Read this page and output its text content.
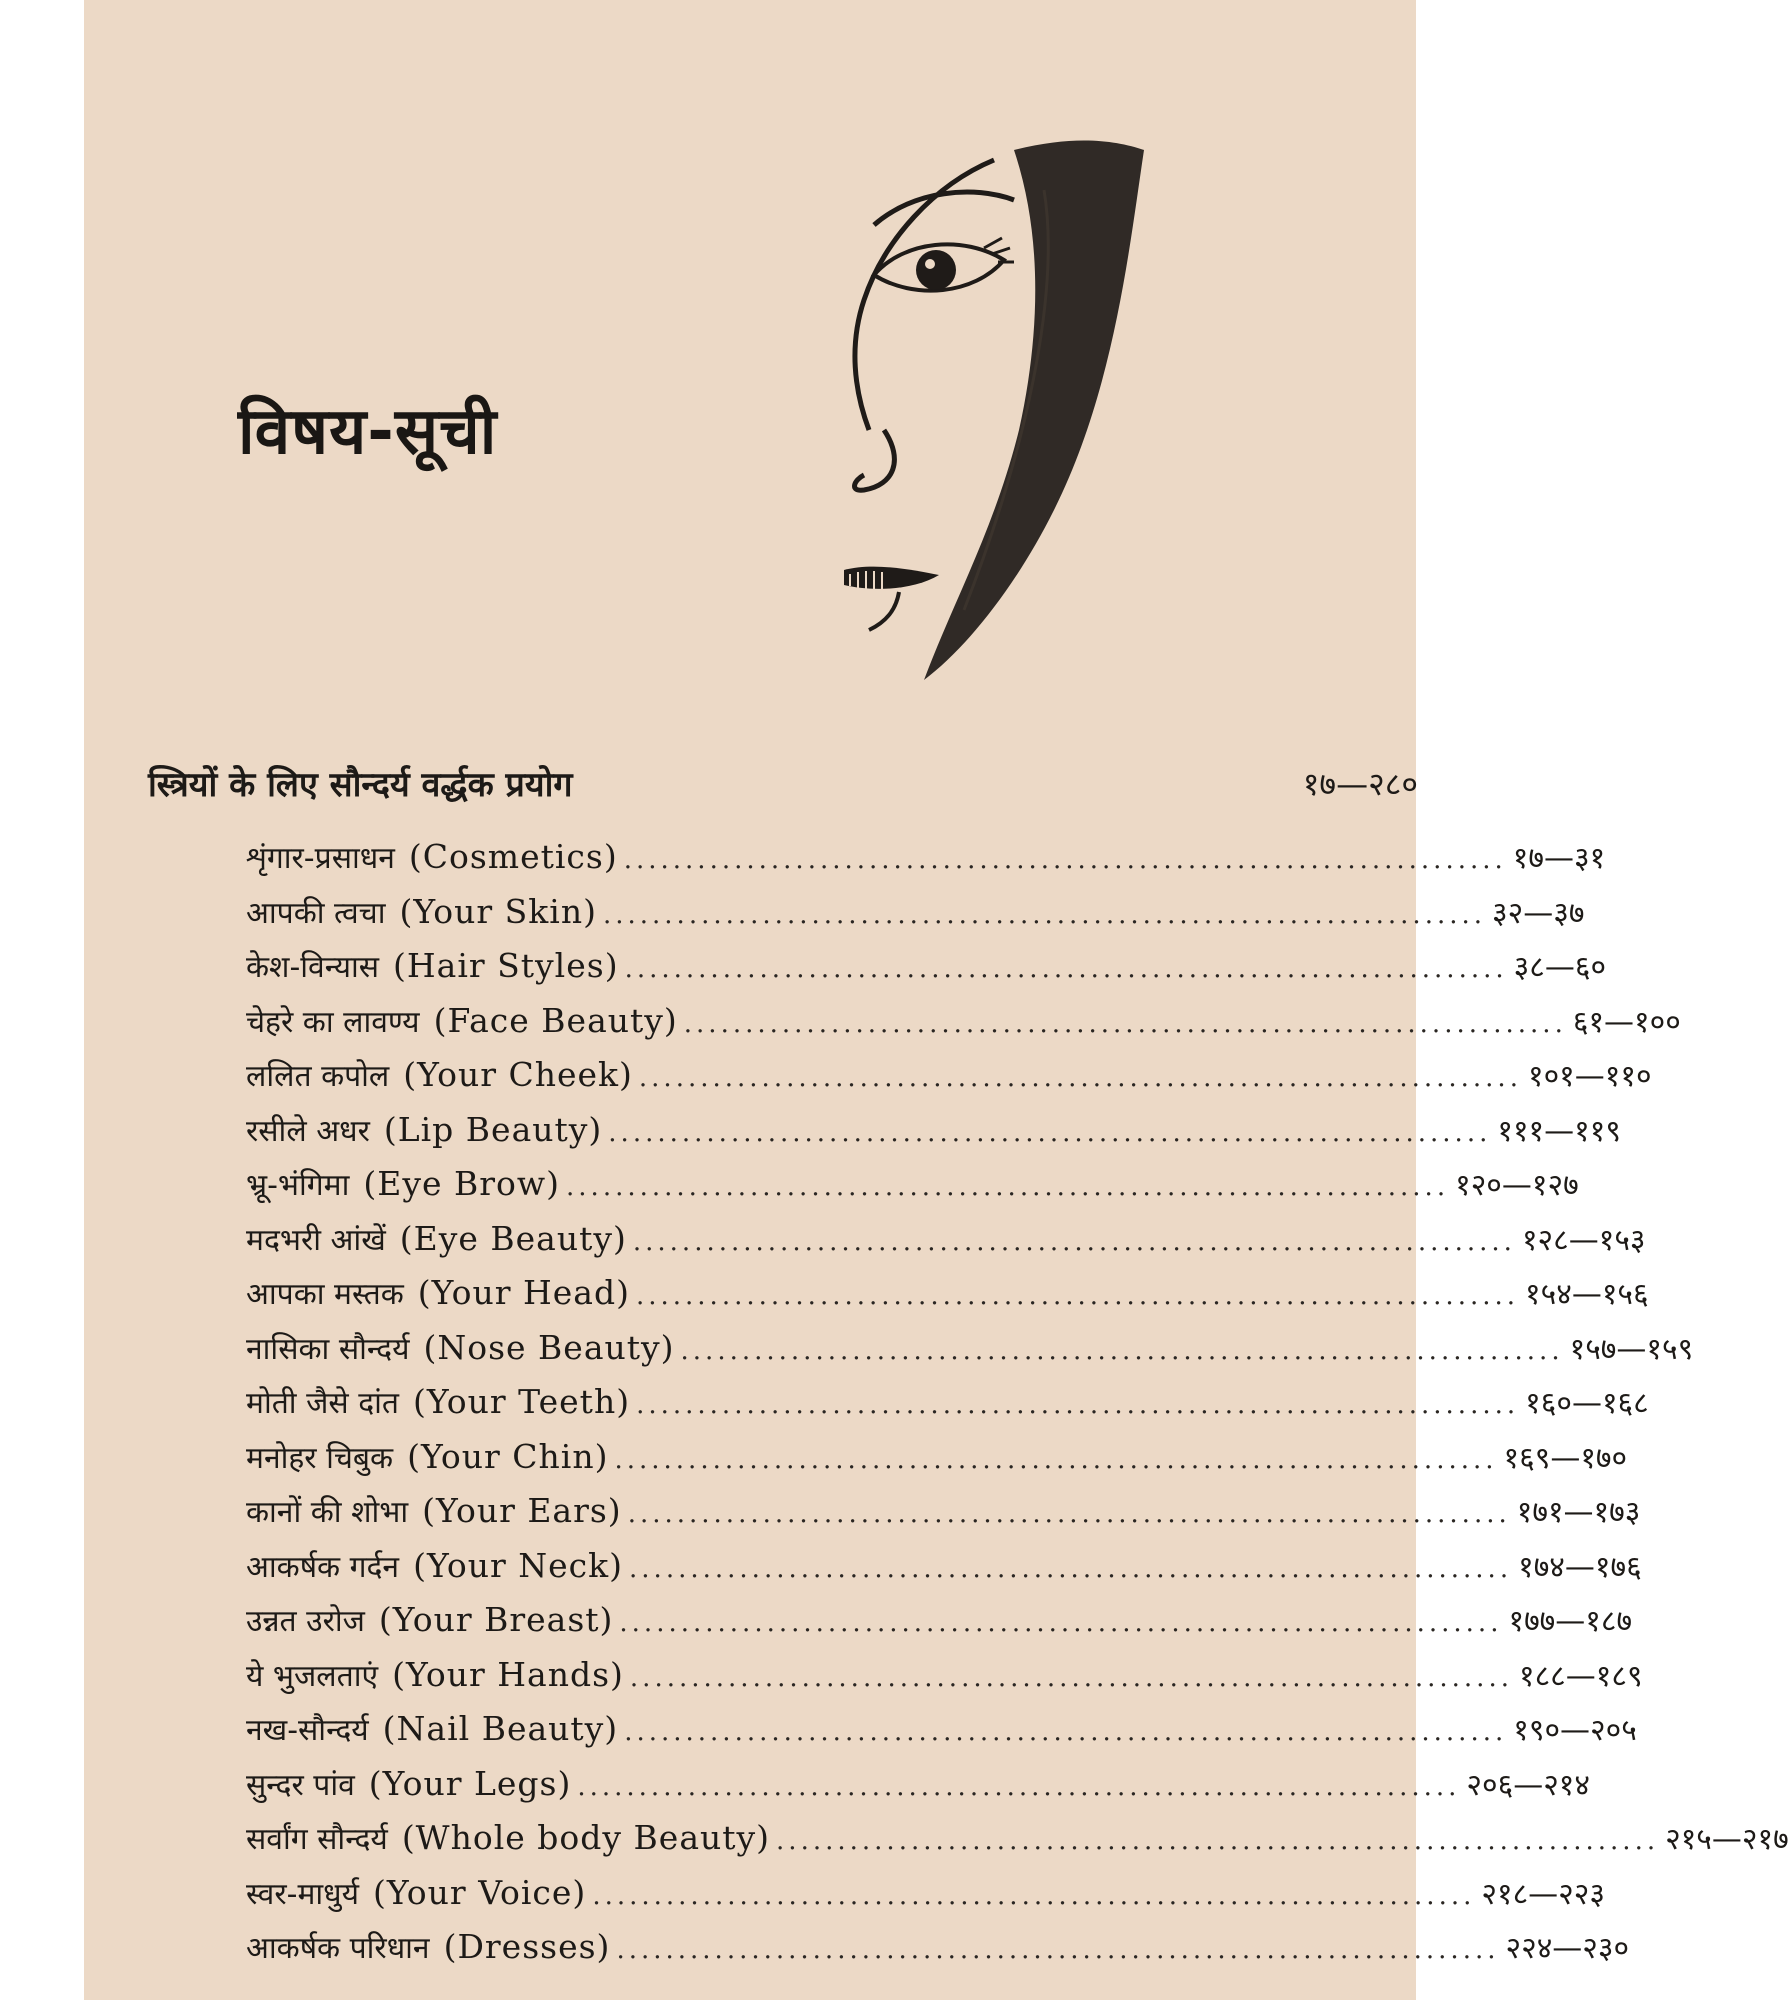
विषय-सूची
स्त्रियों के लिए सौन्दर्य वर्द्धक प्रयोग	१७—२८०
शृंगार-प्रसाधन (Cosmetics) ........................................................................ १७—३१
आपकी त्वचा (Your Skin) ........................................................................ ३२—३७
केश-विन्यास (Hair Styles) ........................................................................ ३८—६०
चेहरे का लावण्य (Face Beauty) ........................................................................ ६१—१००
ललित कपोल (Your Cheek) ........................................................................ १०१—११०
रसीले अधर (Lip Beauty) ........................................................................ १११—११९
भ्रू-भंगिमा (Eye Brow) ........................................................................ १२०—१२७
मदभरी आंखें (Eye Beauty) ........................................................................ १२८—१५३
आपका मस्तक (Your Head) ........................................................................ १५४—१५६
नासिका सौन्दर्य (Nose Beauty) ........................................................................ १५७—१५९
मोती जैसे दांत (Your Teeth) ........................................................................ १६०—१६८
मनोहर चिबुक (Your Chin) ........................................................................ १६९—१७०
कानों की शोभा (Your Ears) ........................................................................ १७१—१७३
आकर्षक गर्दन (Your Neck) ........................................................................ १७४—१७६
उन्नत उरोज (Your Breast) ........................................................................ १७७—१८७
ये भुजलताएं (Your Hands) ........................................................................ १८८—१८९
नख-सौन्दर्य (Nail Beauty) ........................................................................ १९०—२०५
सुन्दर पांव (Your Legs) ........................................................................ २०६—२१४
सर्वांग सौन्दर्य (Whole body Beauty) ........................................................................ २१५—२१७
स्वर-माधुर्य (Your Voice) ........................................................................ २१८—२२३
आकर्षक परिधान (Dresses) ........................................................................ २२४—२३०
